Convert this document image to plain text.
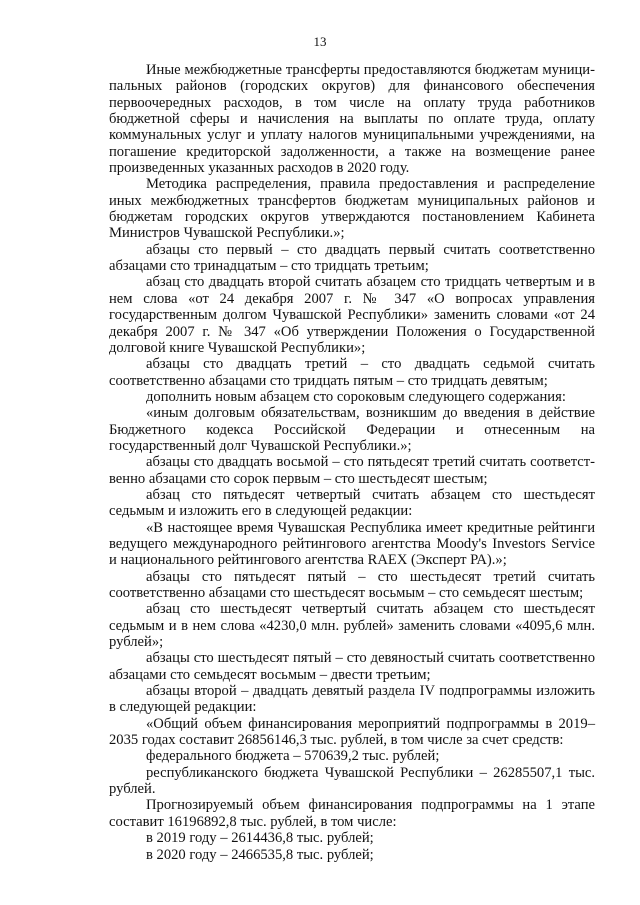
13

Иные межбюджетные трансферты предоставляются бюджетам муниципальных районов (городских округов) для финансового обеспечения первоочередных расходов, в том числе на оплату труда работников бюджетной сферы и начисления на выплаты по оплате труда, оплату коммунальных услуг и уплату налогов муниципальными учреждениями, на погашение кредиторской задолженности, а также на возмещение ранее произведенных указанных расходов в 2020 году.

Методика распределения, правила предоставления и распределение иных межбюджетных трансфертов бюджетам муниципальных районов и бюджетам городских округов утверждаются постановлением Кабинета Министров Чувашской Республики.»;

абзацы сто первый – сто двадцать первый считать соответственно абзацами сто тринадцатым – сто тридцать третьим;

абзац сто двадцать второй считать абзацем сто тридцать четвертым и в нем слова «от 24 декабря 2007 г. № 347 «О вопросах управления государственным долгом Чувашской Республики» заменить словами «от 24 декабря 2007 г. № 347 «Об утверждении Положения о Государственной долговой книге Чувашской Республики»;

абзацы сто двадцать третий – сто двадцать седьмой считать соответственно абзацами сто тридцать пятым – сто тридцать девятым;

дополнить новым абзацем сто сороковым следующего содержания:

«иным долговым обязательствам, возникшим до введения в действие Бюджетного кодекса Российской Федерации и отнесенным на государственный долг Чувашской Республики.»;

абзацы сто двадцать восьмой – сто пятьдесят третий считать соответственно абзацами сто сорок первым – сто шестьдесят шестым;

абзац сто пятьдесят четвертый считать абзацем сто шестьдесят седьмым и изложить его в следующей редакции:

«В настоящее время Чувашская Республика имеет кредитные рейтинги ведущего международного рейтингового агентства Moody's Investors Service и национального рейтингового агентства RAEX (Эксперт РА).»;

абзацы сто пятьдесят пятый – сто шестьдесят третий считать соответственно абзацами сто шестьдесят восьмым – сто семьдесят шестым;

абзац сто шестьдесят четвертый считать абзацем сто шестьдесят седьмым и в нем слова «4230,0 млн. рублей» заменить словами «4095,6 млн. рублей»;

абзацы сто шестьдесят пятый – сто девяностый считать соответственно абзацами сто семьдесят восьмым – двести третьим;

абзацы второй – двадцать девятый раздела IV подпрограммы изложить в следующей редакции:

«Общий объем финансирования мероприятий подпрограммы в 2019–2035 годах составит 26856146,3 тыс. рублей, в том числе за счет средств:

федерального бюджета – 570639,2 тыс. рублей;

республиканского бюджета Чувашской Республики – 26285507,1 тыс. рублей.

Прогнозируемый объем финансирования подпрограммы на 1 этапе составит 16196892,8 тыс. рублей, в том числе:

в 2019 году – 2614436,8 тыс. рублей;

в 2020 году – 2466535,8 тыс. рублей;
